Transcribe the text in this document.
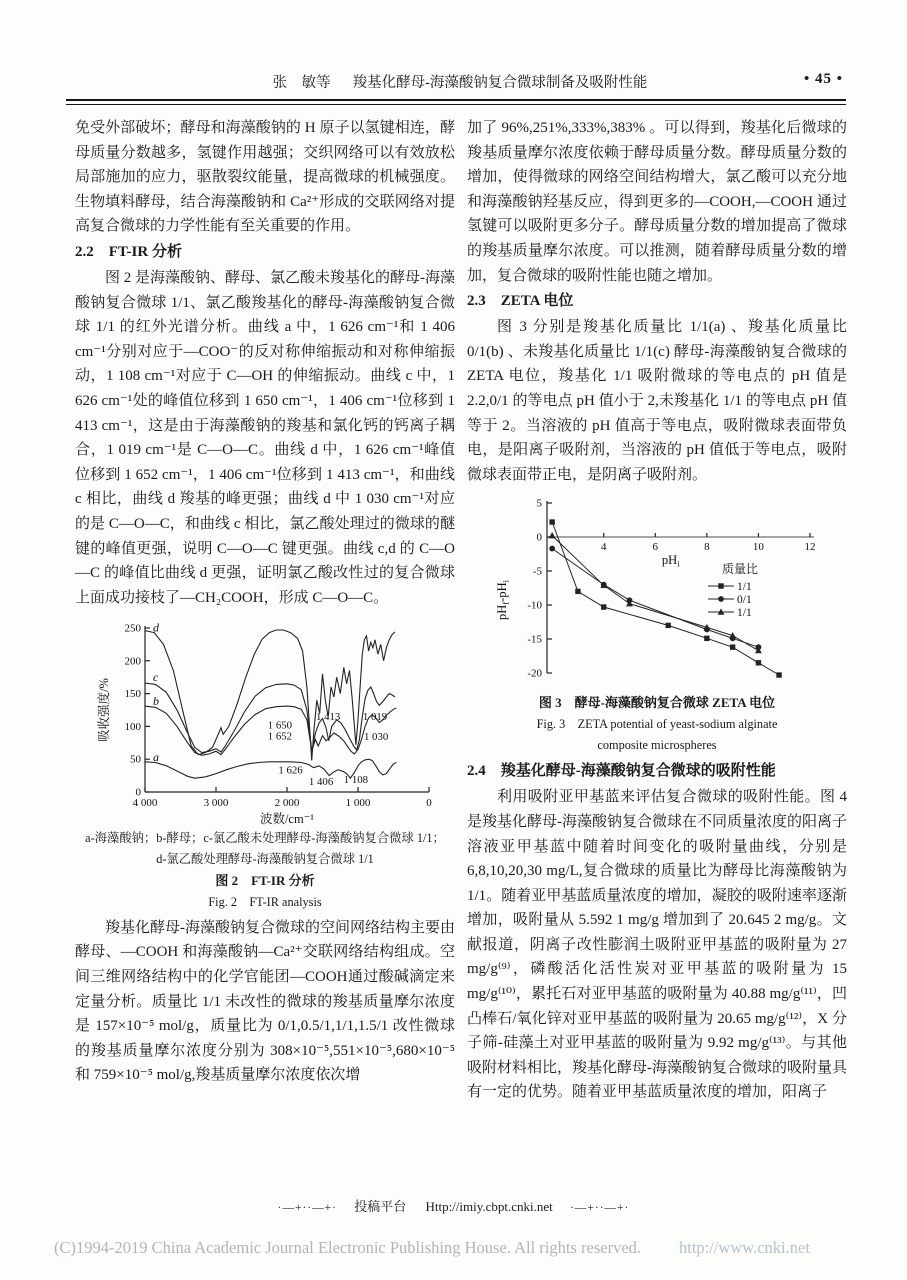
张　敏等 羧基化酵母-海藻酸钠复合微球制备及吸附性能	• 45 •

免受外部破坏；酵母和海藻酸钠的 H 原子以氢键相连，酵母质量分数越多，氢键作用越强；交织网络可以有效放松局部施加的应力，驱散裂纹能量，提高微球的机械强度。生物填料酵母，结合海藻酸钠和 Ca²⁺形成的交联网络对提高复合微球的力学性能有至关重要的作用。

2.2　FT-IR 分析

图 2 是海藻酸钠、酵母、氯乙酸未羧基化的酵母-海藻酸钠复合微球 1/1、氯乙酸羧基化的酵母-海藻酸钠复合微球 1/1 的红外光谱分析。曲线 a 中，1 626 cm⁻¹和 1 406 cm⁻¹分别对应于—COO⁻的反对称伸缩振动和对称伸缩振动，1 108 cm⁻¹对应于 C—OH 的伸缩振动。曲线 c 中，1 626 cm⁻¹处的峰值位移到 1 650 cm⁻¹，1 406 cm⁻¹位移到 1 413 cm⁻¹，这是由于海藻酸钠的羧基和氯化钙的钙离子耦合，1 019 cm⁻¹是 C—O—C。曲线 d 中，1 626 cm⁻¹峰值位移到 1 652 cm⁻¹，1 406 cm⁻¹位移到 1 413 cm⁻¹，和曲线 c 相比，曲线 d 羧基的峰更强；曲线 d 中 1 030 cm⁻¹对应的是 C—O—C，和曲线 c 相比，氯乙酸处理过的微球的醚键的峰值更强，说明 C—O—C 键更强。曲线 c,d 的 C—O—C 的峰值比曲线 d 更强，证明氯乙酸改性过的复合微球上面成功接枝了—CH₂COOH，形成 C—O—C。

0
50
100
150
200
250
4 000	3 000	2 000	1 000	0
a
b
c
d
1 650
1 652
1 413 1 019
1 030
1 626
1 406 1 108
吸收强度/%
波数/cm⁻¹
a-海藻酸钠；b-酵母；c-氯乙酸未处理酵母-海藻酸钠复合微球 1/1；
d-氯乙酸处理酵母-海藻酸钠复合微球 1/1
图 2　FT-IR 分析
Fig. 2　FT-IR analysis

羧基化酵母-海藻酸钠复合微球的空间网络结构主要由酵母、—COOH 和海藻酸钠—Ca²⁺交联网络结构组成。空间三维网络结构中的化学官能团—COOH通过酸碱滴定来定量分析。质量比 1/1 未改性的微球的羧基质量摩尔浓度是 157×10⁻⁵ mol/g，质量比为 0/1,0.5/1,1/1,1.5/1 改性微球的羧基质量摩尔浓度分别为 308×10⁻⁵,551×10⁻⁵,680×10⁻⁵和 759×10⁻⁵ mol/g,羧基质量摩尔浓度依次增

加了 96%,251%,333%,383% 。可以得到，羧基化后微球的羧基质量摩尔浓度依赖于酵母质量分数。酵母质量分数的增加，使得微球的网络空间结构增大，氯乙酸可以充分地和海藻酸钠羟基反应，得到更多的—COOH,—COOH 通过氢键可以吸附更多分子。酵母质量分数的增加提高了微球的羧基质量摩尔浓度。可以推测，随着酵母质量分数的增加，复合微球的吸附性能也随之增加。

2.3　ZETA 电位

图 3 分别是羧基化质量比 1/1(a) 、羧基化质量比 0/1(b) 、未羧基化质量比 1/1(c) 酵母-海藻酸钠复合微球的 ZETA 电位，羧基化 1/1 吸附微球的等电点的 pH 值是 2.2,0/1 的等电点 pH 值小于 2,未羧基化 1/1 的等电点 pH 值等于 2。当溶液的 pH 值高于等电点，吸附微球表面带负电，是阳离子吸附剂，当溶液的 pH 值低于等电点，吸附微球表面带正电，是阴离子吸附剂。

5
0
-5
-10
-15
-20
4	6	8	10	12
$pH_i$
$pH_f-pH_i$
质量比
1/1
0/1
1/1
图 3　酵母-海藻酸钠复合微球 ZETA 电位
Fig. 3　ZETA potential of yeast-sodium alginate
composite microspheres
2.4　羧基化酵母-海藻酸钠复合微球的吸附性能

利用吸附亚甲基蓝来评估复合微球的吸附性能。图 4 是羧基化酵母-海藻酸钠复合微球在不同质量浓度的阳离子溶液亚甲基蓝中随着时间变化的吸附量曲线，分别是 6,8,10,20,30 mg/L,复合微球的质量比为酵母比海藻酸钠为 1/1。随着亚甲基蓝质量浓度的增加，凝胶的吸附速率逐渐增加，吸附量从 5.592 1 mg/g 增加到了 20.645 2 mg/g。文献报道，阴离子改性膨润土吸附亚甲基蓝的吸附量为 27 mg/g⁽⁹⁾，磷酸活化活性炭对亚甲基蓝的吸附量为 15 mg/g⁽¹⁰⁾，累托石对亚甲基蓝的吸附量为 40.88 mg/g⁽¹¹⁾，凹凸棒石/氧化锌对亚甲基蓝的吸附量为 20.65 mg/g⁽¹²⁾，X 分子筛-硅藻土对亚甲基蓝的吸附量为 9.92 mg/g⁽¹³⁾。与其他吸附材料相比，羧基化酵母-海藻酸钠复合微球的吸附量具有一定的优势。随着亚甲基蓝质量浓度的增加，阳离子

·—+··—+· 投稿平台 Http://imiy.cbpt.cnki.net ·—+··—+·
(C)1994-2019 China Academic Journal Electronic Publishing House. All rights reserved. http://www.cnki.net
